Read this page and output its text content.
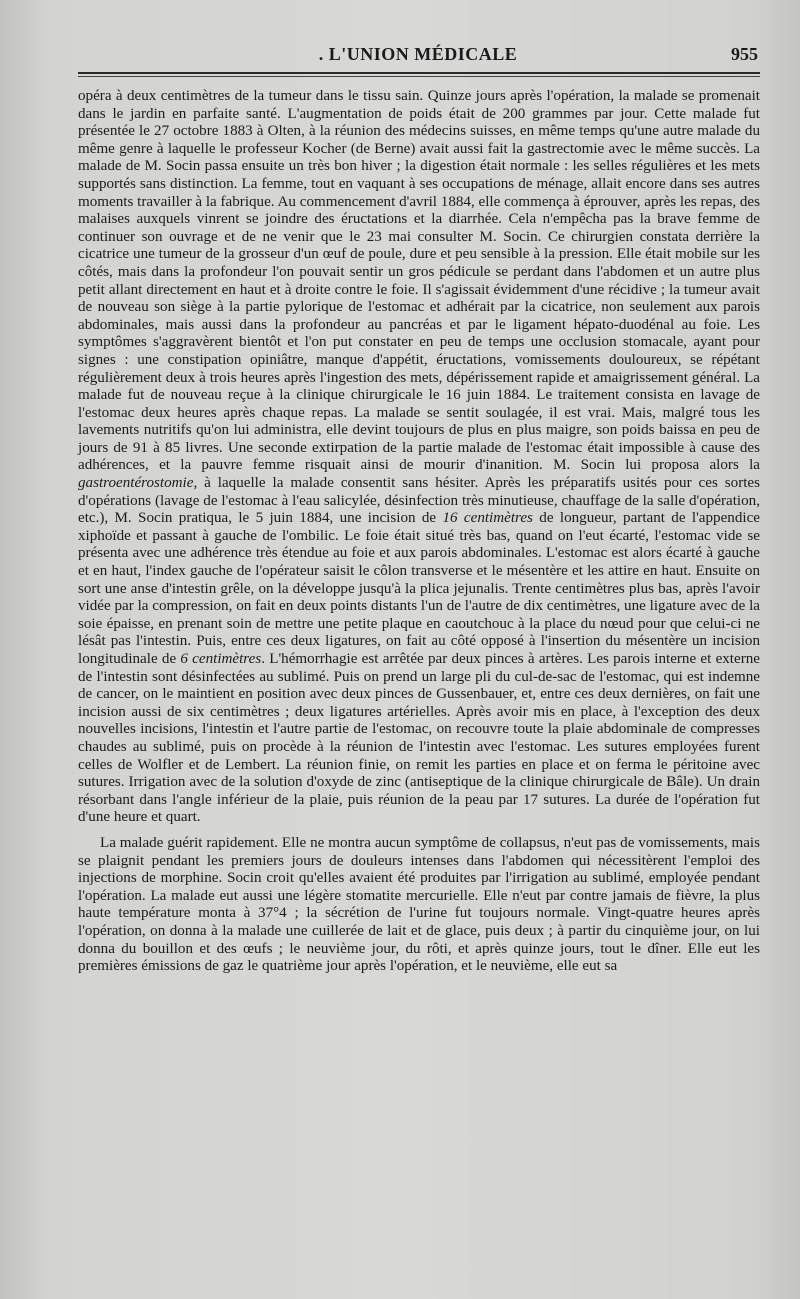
. L'UNION MÉDICALE	955

opéra à deux centimètres de la tumeur dans le tissu sain. Quinze jours après l'opération, la malade se promenait dans le jardin en parfaite santé. L'augmentation de poids était de 200 grammes par jour. Cette malade fut présentée le 27 octobre 1883 à Olten, à la réunion des médecins suisses, en même temps qu'une autre malade du même genre à laquelle le professeur Kocher (de Berne) avait aussi fait la gastrectomie avec le même succès. La malade de M. Socin passa ensuite un très bon hiver ; la digestion était normale : les selles régulières et les mets supportés sans distinction. La femme, tout en vaquant à ses occupations de ménage, allait encore dans ses autres moments travailler à la fabrique. Au commencement d'avril 1884, elle commença à éprouver, après les repas, des malaises auxquels vinrent se joindre des éructations et la diarrhée. Cela n'empêcha pas la brave femme de continuer son ouvrage et de ne venir que le 23 mai consulter M. Socin. Ce chirurgien constata derrière la cicatrice une tumeur de la grosseur d'un œuf de poule, dure et peu sensible à la pression. Elle était mobile sur les côtés, mais dans la profondeur l'on pouvait sentir un gros pédicule se perdant dans l'abdomen et un autre plus petit allant directement en haut et à droite contre le foie. Il s'agissait évidemment d'une récidive ; la tumeur avait de nouveau son siège à la partie pylorique de l'estomac et adhérait par la cicatrice, non seulement aux parois abdominales, mais aussi dans la profondeur au pancréas et par le ligament hépato-duodénal au foie. Les symptômes s'aggravèrent bientôt et l'on put constater en peu de temps une occlusion stomacale, ayant pour signes : une constipation opiniâtre, manque d'appétit, éructations, vomissements douloureux, se répétant régulièrement deux à trois heures après l'ingestion des mets, dépérissement rapide et amaigrissement général. La malade fut de nouveau reçue à la clinique chirurgicale le 16 juin 1884. Le traitement consista en lavage de l'estomac deux heures après chaque repas. La malade se sentit soulagée, il est vrai. Mais, malgré tous les lavements nutritifs qu'on lui administra, elle devint toujours de plus en plus maigre, son poids baissa en peu de jours de 91 à 85 livres. Une seconde extirpation de la partie malade de l'estomac était impossible à cause des adhérences, et la pauvre femme risquait ainsi de mourir d'inanition. M. Socin lui proposa alors la gastroentérostomie, à laquelle la malade consentit sans hésiter. Après les préparatifs usités pour ces sortes d'opérations (lavage de l'estomac à l'eau salicylée, désinfection très minutieuse, chauffage de la salle d'opération, etc.), M. Socin pratiqua, le 5 juin 1884, une incision de 16 centimètres de longueur, partant de l'appendice xiphoïde et passant à gauche de l'ombilic. Le foie était situé très bas, quand on l'eut écarté, l'estomac vide se présenta avec une adhérence très étendue au foie et aux parois abdominales. L'estomac est alors écarté à gauche et en haut, l'index gauche de l'opérateur saisit le côlon transverse et le mésentère et les attire en haut. Ensuite on sort une anse d'intestin grêle, on la développe jusqu'à la plica jejunalis. Trente centimètres plus bas, après l'avoir vidée par la compression, on fait en deux points distants l'un de l'autre de dix centimètres, une ligature avec de la soie épaisse, en prenant soin de mettre une petite plaque en caoutchouc à la place du nœud pour que celui-ci ne lésât pas l'intestin. Puis, entre ces deux ligatures, on fait au côté opposé à l'insertion du mésentère un incision longitudinale de 6 centimètres. L'hémorrhagie est arrêtée par deux pinces à artères. Les parois interne et externe de l'intestin sont désinfectées au sublimé. Puis on prend un large pli du cul-de-sac de l'estomac, qui est indemne de cancer, on le maintient en position avec deux pinces de Gussenbauer, et, entre ces deux dernières, on fait une incision aussi de six centimètres ; deux ligatures artérielles. Après avoir mis en place, à l'exception des deux nouvelles incisions, l'intestin et l'autre partie de l'estomac, on recouvre toute la plaie abdominale de compresses chaudes au sublimé, puis on procède à la réunion de l'intestin avec l'estomac. Les sutures employées furent celles de Wolfler et de Lembert. La réunion finie, on remit les parties en place et on ferma le péritoine avec sutures. Irrigation avec de la solution d'oxyde de zinc (antiseptique de la clinique chirurgicale de Bâle). Un drain résorbant dans l'angle inférieur de la plaie, puis réunion de la peau par 17 sutures. La durée de l'opération fut d'une heure et quart.

La malade guérit rapidement. Elle ne montra aucun symptôme de collapsus, n'eut pas de vomissements, mais se plaignit pendant les premiers jours de douleurs intenses dans l'abdomen qui nécessitèrent l'emploi des injections de morphine. Socin croit qu'elles avaient été produites par l'irrigation au sublimé, employée pendant l'opération. La malade eut aussi une légère stomatite mercurielle. Elle n'eut par contre jamais de fièvre, la plus haute température monta à 37°4 ; la sécrétion de l'urine fut toujours normale. Vingt-quatre heures après l'opération, on donna à la malade une cuillerée de lait et de glace, puis deux ; à partir du cinquième jour, on lui donna du bouillon et des œufs ; le neuvième jour, du rôti, et après quinze jours, tout le dîner. Elle eut les premières émissions de gaz le quatrième jour après l'opération, et le neuvième, elle eut sa
